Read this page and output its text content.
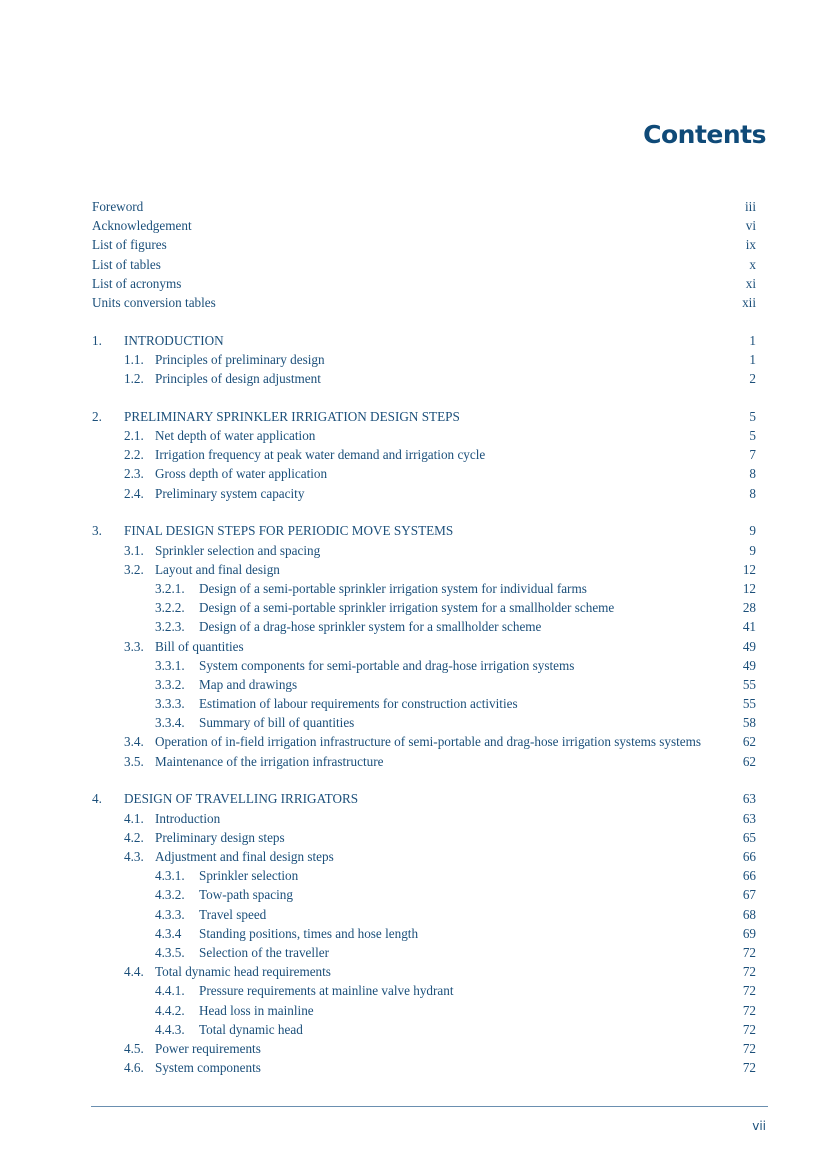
Contents
Foreword	iii
Acknowledgement	vi
List of figures	ix
List of tables	x
List of acronyms	xi
Units conversion tables	xii
1. INTRODUCTION	1
1.1. Principles of preliminary design	1
1.2. Principles of design adjustment	2
2. PRELIMINARY SPRINKLER IRRIGATION DESIGN STEPS	5
2.1. Net depth of water application	5
2.2. Irrigation frequency at peak water demand and irrigation cycle	7
2.3. Gross depth of water application	8
2.4. Preliminary system capacity	8
3. FINAL DESIGN STEPS FOR PERIODIC MOVE SYSTEMS	9
3.1. Sprinkler selection and spacing	9
3.2. Layout and final design	12
3.2.1. Design of a semi-portable sprinkler irrigation system for individual farms	12
3.2.2. Design of a semi-portable sprinkler irrigation system for a smallholder scheme	28
3.2.3. Design of a drag-hose sprinkler system for a smallholder scheme	41
3.3. Bill of quantities	49
3.3.1. System components for semi-portable and drag-hose irrigation systems	49
3.3.2. Map and drawings	55
3.3.3. Estimation of labour requirements for construction activities	55
3.3.4. Summary of bill of quantities	58
3.4. Operation of in-field irrigation infrastructure of semi-portable and drag-hose irrigation systems systems	62
3.5. Maintenance of the irrigation infrastructure	62
4. DESIGN OF TRAVELLING IRRIGATORS	63
4.1. Introduction	63
4.2. Preliminary design steps	65
4.3. Adjustment and final design steps	66
4.3.1. Sprinkler selection	66
4.3.2. Tow-path spacing	67
4.3.3. Travel speed	68
4.3.4 Standing positions, times and hose length	69
4.3.5. Selection of the traveller	72
4.4. Total dynamic head requirements	72
4.4.1. Pressure requirements at mainline valve hydrant	72
4.4.2. Head loss in mainline	72
4.4.3. Total dynamic head	72
4.5. Power requirements	72
4.6. System components	72
vii
